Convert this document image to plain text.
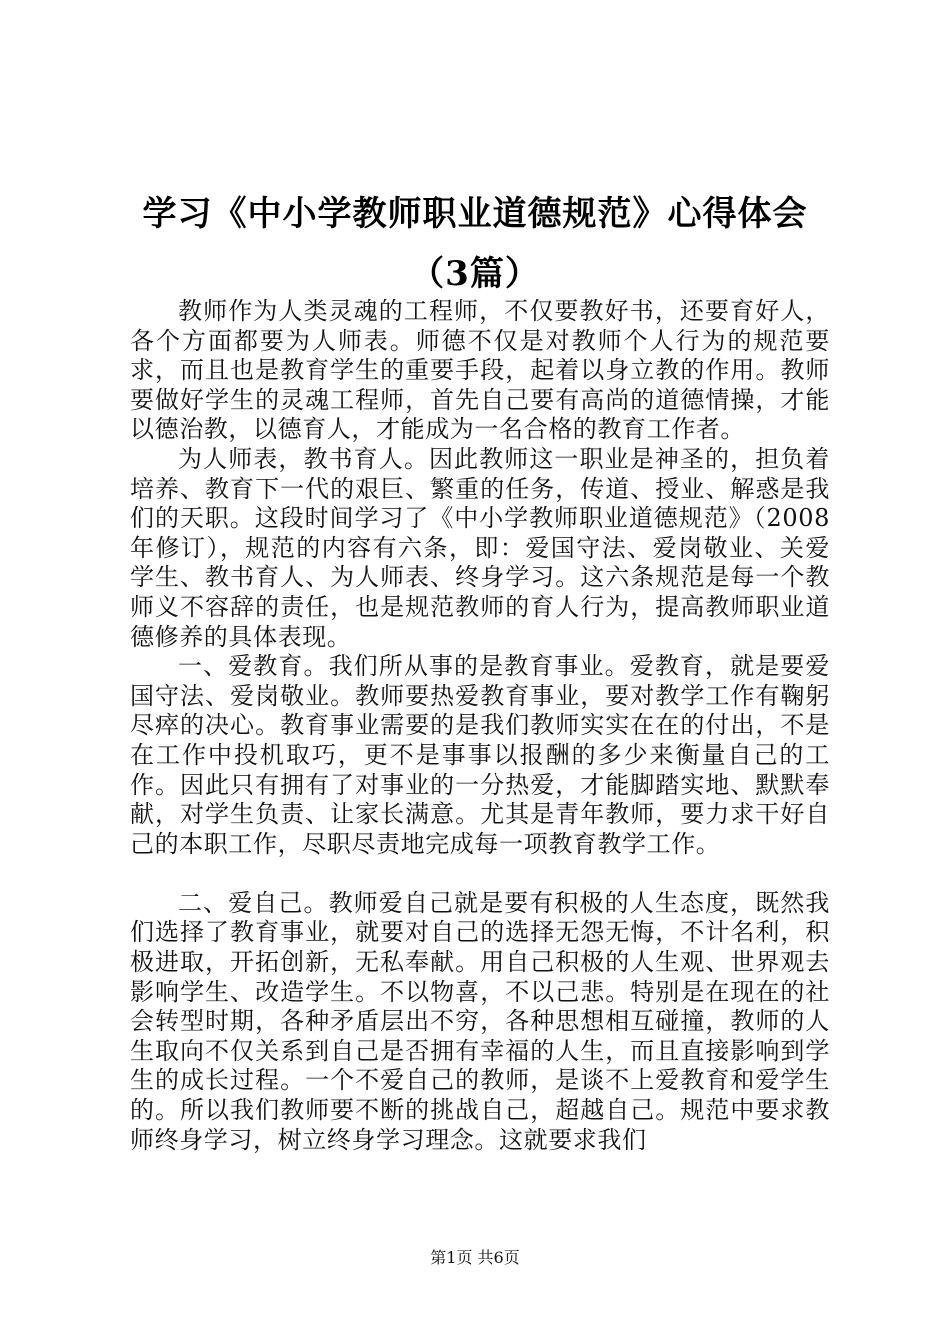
学习《中小学教师职业道德规范》心得体会
（3篇）

教师作为人类灵魂的工程师，不仅要教好书，还要育好人，各个方面都要为人师表。师德不仅是对教师个人行为的规范要求，而且也是教育学生的重要手段，起着以身立教的作用。教师要做好学生的灵魂工程师，首先自己要有高尚的道德情操，才能以德治教，以德育人，才能成为一名合格的教育工作者。

为人师表，教书育人。因此教师这一职业是神圣的，担负着培养、教育下一代的艰巨、繁重的任务，传道、授业、解惑是我们的天职。这段时间学习了《中小学教师职业道德规范》（2008年修订），规范的内容有六条，即：爱国守法、爱岗敬业、关爱学生、教书育人、为人师表、终身学习。这六条规范是每一个教师义不容辞的责任，也是规范教师的育人行为，提高教师职业道德修养的具体表现。

一、爱教育。我们所从事的是教育事业。爱教育，就是要爱国守法、爱岗敬业。教师要热爱教育事业，要对教学工作有鞠躬尽瘁的决心。教育事业需要的是我们教师实实在在的付出，不是在工作中投机取巧，更不是事事以报酬的多少来衡量自己的工作。因此只有拥有了对事业的一分热爱，才能脚踏实地、默默奉献，对学生负责、让家长满意。尤其是青年教师，要力求干好自己的本职工作，尽职尽责地完成每一项教育教学工作。

二、爱自己。教师爱自己就是要有积极的人生态度，既然我们选择了教育事业，就要对自己的选择无怨无悔，不计名利，积极进取，开拓创新，无私奉献。用自己积极的人生观、世界观去影响学生、改造学生。不以物喜，不以己悲。特别是在现在的社会转型时期，各种矛盾层出不穷，各种思想相互碰撞，教师的人生取向不仅关系到自己是否拥有幸福的人生，而且直接影响到学生的成长过程。一个不爱自己的教师，是谈不上爱教育和爱学生的。所以我们教师要不断的挑战自己，超越自己。规范中要求教师终身学习，树立终身学习理念。这就要求我们

第1页 共6页
